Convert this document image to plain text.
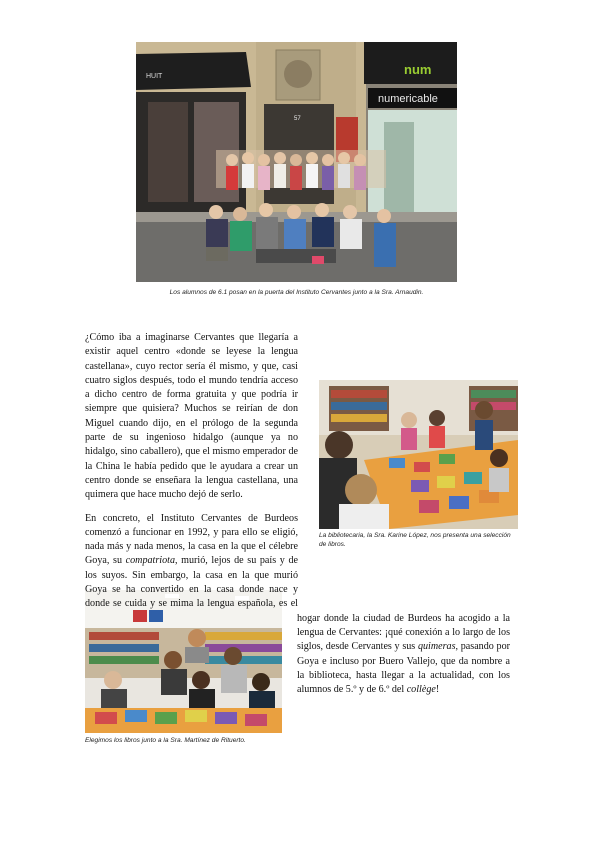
HUIT	num
numericable
57
Los alumnos de 6.1 posan en la puerta del Instituto Cervantes junto a la Sra. Arnaudin.
La bibliotecaria, la Sra. Karine López, nos presenta una selección de libros.
Elegimos los libros junto a la Sra. Martínez de Rituerto.

¿Cómo iba a imaginarse Cervantes que llegaría a existir aquel centro «donde se leyese la lengua castellana», cuyo rector sería él mismo, y que, casi cuatro siglos después, todo el mundo tendría acceso a dicho centro de forma gratuita y que podría ir siempre que quisiera? Muchos se reirían de don Miguel cuando dijo, en el prólogo de la segunda parte de su ingenioso hidalgo (aunque ya no hidalgo, sino caballero), que el mismo emperador de la China le había pedido que le ayudara a crear un centro donde se enseñara la lengua castellana, una quimera que hace mucho dejó de serlo.

En concreto, el Instituto Cervantes de Burdeos comenzó a funcionar en 1992, y para ello se eligió, nada más y nada menos, la casa en la que el célebre Goya, su compatriota, murió, lejos de su país y de los suyos. Sin embargo, la casa en la que murió Goya se ha convertido en la casa donde nace y donde se cuida y se mima la lengua española, es el hogar donde la
ciudad de Burdeos ha acogido a la lengua de Cervantes: ¡qué conexión a lo largo de los siglos, desde Cervantes y sus quimeras, pasando por Goya e incluso por Buero Vallejo, que da nombre a la biblioteca, hasta llegar a la actualidad, con los alumnos de 5.º y de 6.º del collège!
